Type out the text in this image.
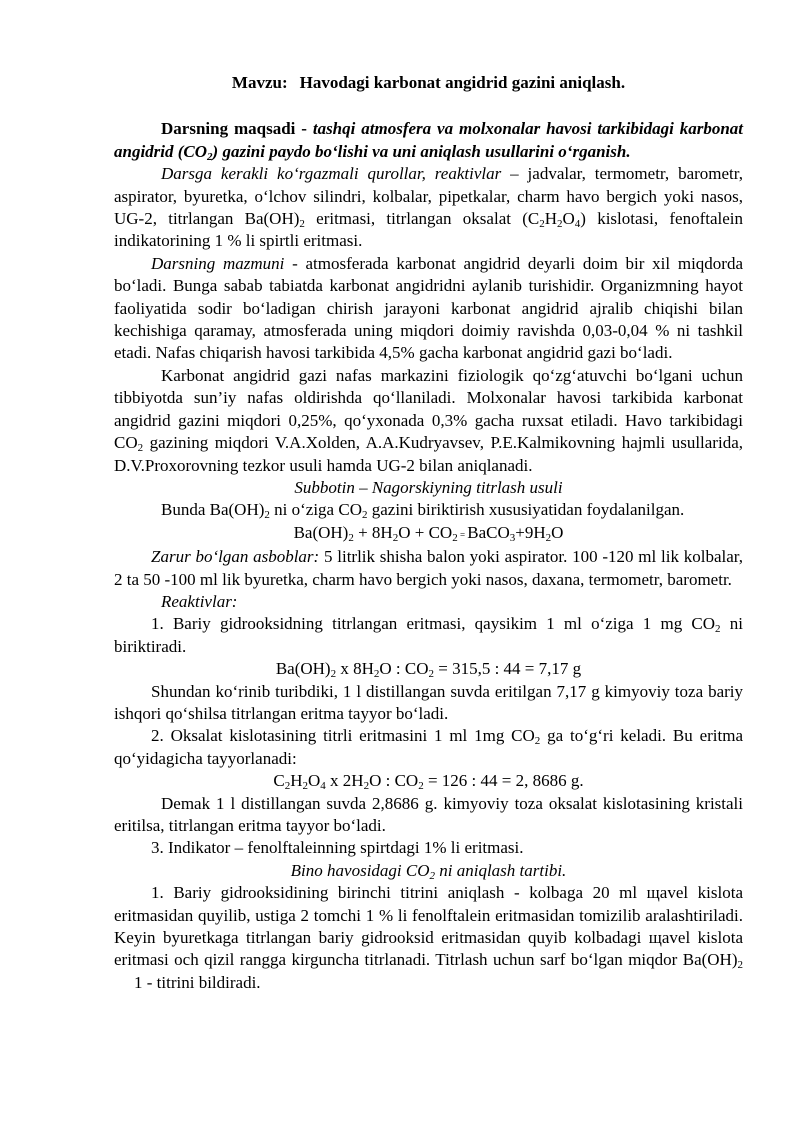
Mavzu: Havodagi karbonat angidrid gazini aniqlash.

Darsning maqsadi - tashqi atmosfera va molxonalar havosi tarkibidagi karbonat angidrid $(CO_2)$ gazini paydo bo‘lishi va uni aniqlash usullarini o‘rganish.

Darsga kerakli ko‘rgazmali qurollar, reaktivlar – jadvalar, termometr, barometr, aspirator, byuretka, o‘lchov silindri, kolbalar, pipetkalar, charm havo bergich yoki nasos, UG-2, titrlangan $Ba(OH)_2$ eritmasi, titrlangan oksalat $(C_2H_2O_4)$ kislotasi, fenoftalein indikatorining 1 % li spirtli eritmasi.

Darsning mazmuni - atmosferada karbonat angidrid deyarli doim bir xil miqdorda bo‘ladi. Bunga sabab tabiatda karbonat angidridni aylanib turishidir. Organizmning hayot faoliyatida sodir bo‘ladigan chirish jarayoni karbonat angidrid ajralib chiqishi bilan kechishiga qaramay, atmosferada uning miqdori doimiy ravishda 0,03-0,04 % ni tashkil etadi. Nafas chiqarish havosi tarkibida 4,5% gacha karbonat angidrid gazi bo‘ladi.

Karbonat angidrid gazi nafas markazini fiziologik qo‘zg‘atuvchi bo‘lgani uchun tibbiyotda sun’iy nafas oldirishda qo‘llaniladi. Molxonalar havosi tarkibida karbonat angidrid gazini miqdori 0,25%, qo‘yxonada 0,3% gacha ruxsat etiladi. Havo tarkibidagi $CO_2$ gazining miqdori V.A.Xolden, A.A.Kudryavsev, P.E.Kalmikovning hajmli usullarida, D.V.Proxorovning tezkor usuli hamda UG-2 bilan aniqlanadi.

Subbotin – Nagorskiyning titrlash usuli

Bunda $Ba(OH)_2$ ni o‘ziga $CO_2$ gazini biriktirish xususiyatidan foydalanilgan.

$Ba(OH)_2 + 8H_2O + CO_2$ = $BaCO_3+9H_2O$

Zarur bo‘lgan asboblar: 5 litrlik shisha balon yoki aspirator. 100 -120 ml lik kolbalar, 2 ta 50 -100 ml lik byuretka, charm havo bergich yoki nasos, daxana, termometr, barometr.

Reaktivlar:

1. Bariy gidrooksidning titrlangan eritmasi, qaysikim 1 ml o‘ziga 1 mg $CO_2$ ni biriktiradi.

$Ba(OH)_2$ x $8H_2O$ : $CO_2 = 315,5$ : 44 = 7,17 g

Shundan ko‘rinib turibdiki, 1 l distillangan suvda eritilgan 7,17 g kimyoviy toza bariy ishqori qo‘shilsa titrlangan eritma tayyor bo‘ladi.

2. Oksalat kislotasining titrli eritmasini 1 ml 1mg $CO_2$ ga to‘g‘ri keladi. Bu eritma qo‘yidagicha tayyorlanadi:

$C_2H_2O_4$ x $2H_2O$ : $CO_2 = 126$ : 44 = 2, 8686 g.

Demak 1 l distillangan suvda 2,8686 g. kimyoviy toza oksalat kislotasining kristali eritilsa, titrlangan eritma tayyor bo‘ladi.

3. Indikator – fenolftaleinning spirtdagi 1% li eritmasi.

Bino havosidagi $CO_2$ ni aniqlash tartibi.

1. Bariy gidrooksidining birinchi titrini aniqlash - kolbaga 20 ml щavel kislota eritmasidan quyilib, ustiga 2 tomchi 1 % li fenolftalein eritmasidan tomizilib aralashtiriladi. Keyin byuretkaga titrlangan bariy gidrooksid eritmasidan quyib kolbadagi щavel kislota eritmasi och qizil rangga kirguncha titrlanadi. Titrlash uchun sarf bo‘lgan miqdor $Ba(OH)_21$ - titrini bildiradi.
